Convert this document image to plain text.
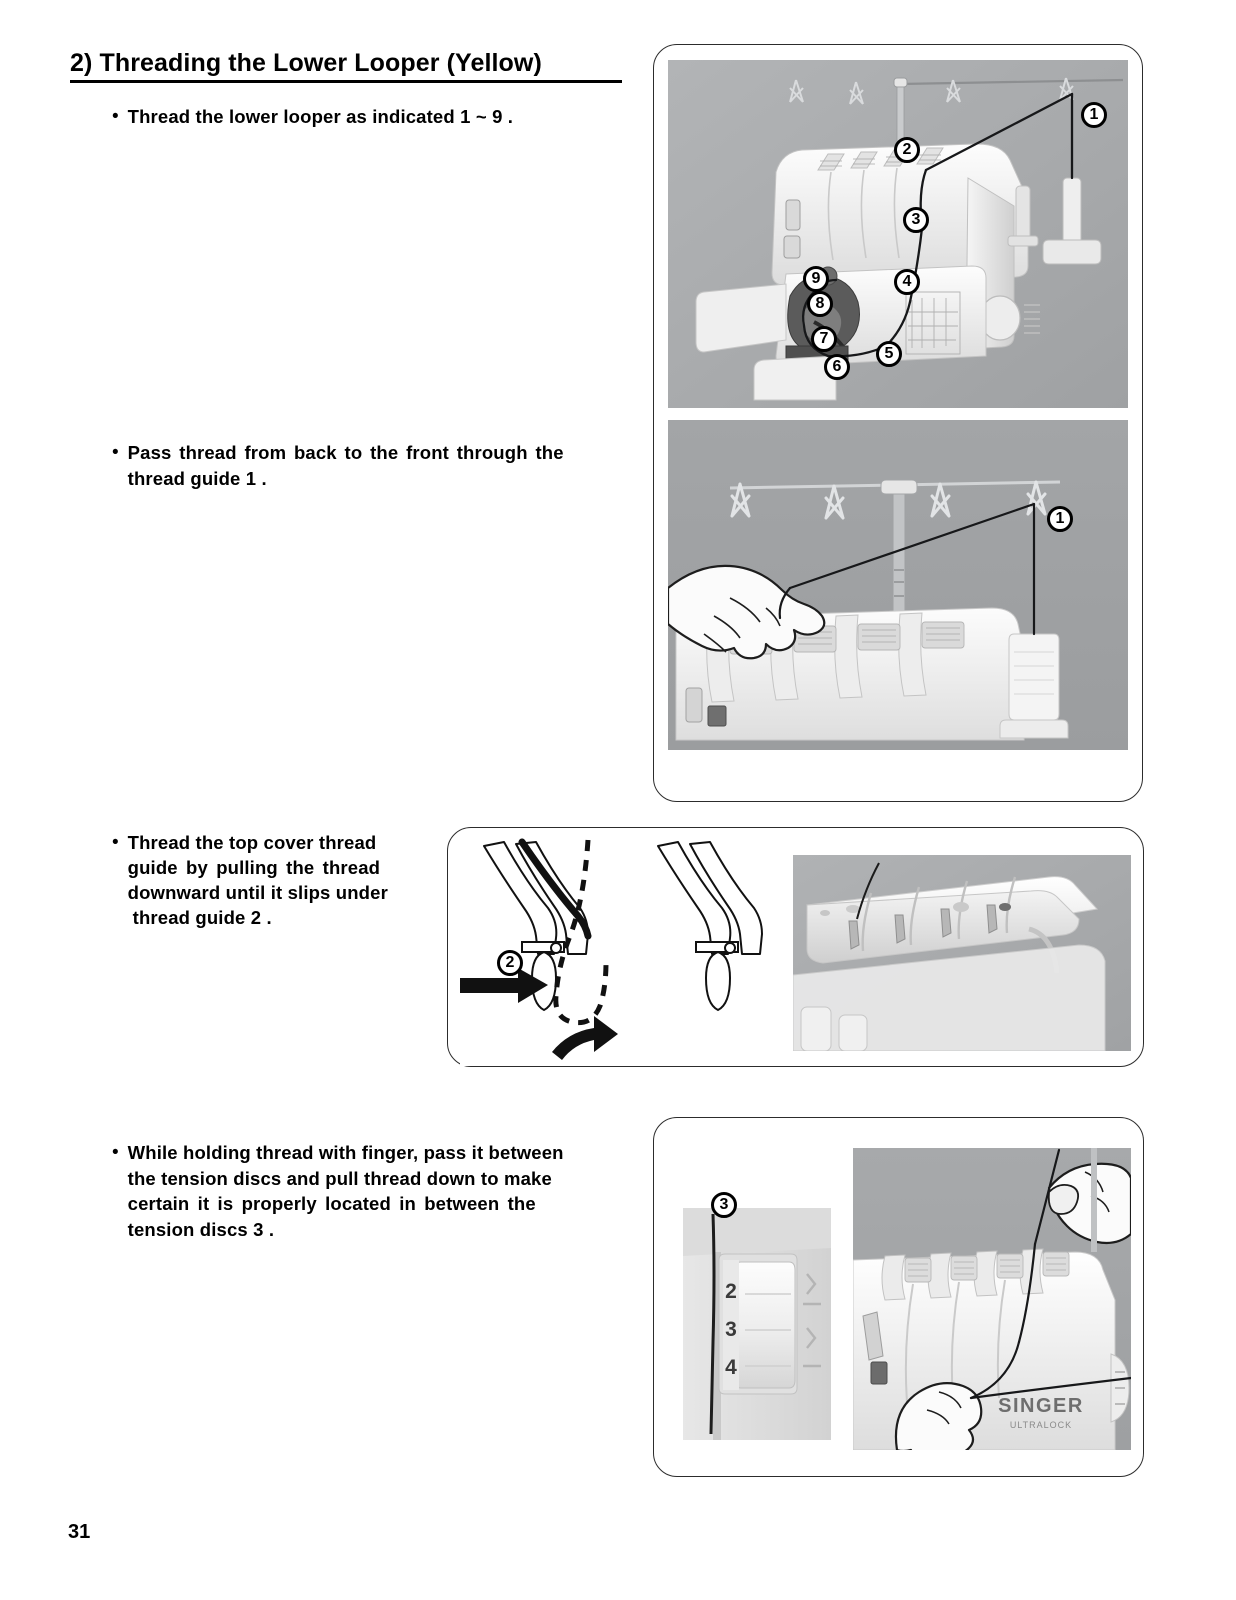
2) Threading the Lower Looper (Yellow)
• Thread the lower looper as indicated 1 ~ 9 .
• Pass thread from back to the front through the
thread guide 1 .
• Thread the top cover thread
guide by pulling the thread
downward until it slips under
thread guide 2 .
• While holding thread with finger, pass it between
the tension discs and pull thread down to make
certain it is properly located in between the
tension discs 3 .
1
2
3
4
5
6
7
8
9
1
2
2
3
4
3
SINGER
ULTRALOCK
31
